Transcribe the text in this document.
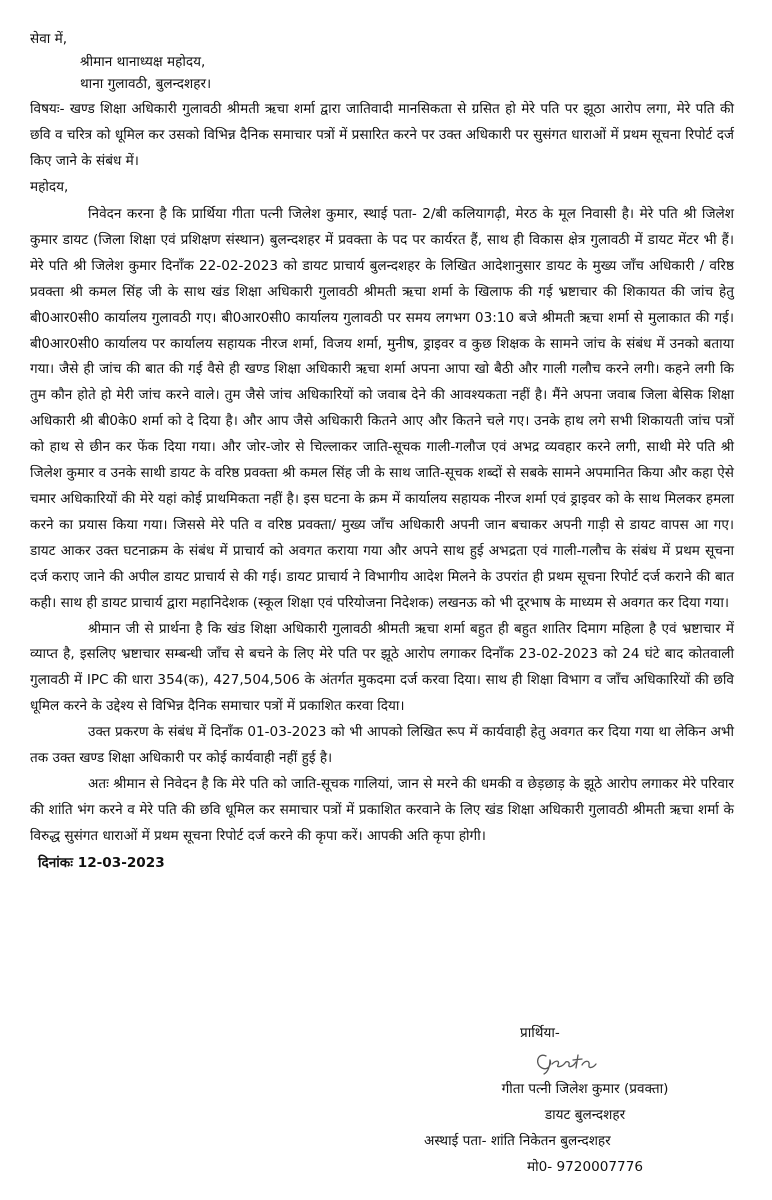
सेवा में,

श्रीमान थानाध्यक्ष महोदय,

थाना गुलावठी, बुलन्दशहर।

विषयः- खण्ड शिक्षा अधिकारी गुलावठी श्रीमती ऋचा शर्मा द्वारा जातिवादी मानसिकता से ग्रसित हो मेरे पति पर झूठा आरोप लगा, मेरे पति की छवि व चरित्र को धूमिल कर उसको विभिन्न दैनिक समाचार पत्रों में प्रसारित करने पर उक्त अधिकारी पर सुसंगत धाराओं में प्रथम सूचना रिपोर्ट दर्ज किए जाने के संबंध में।

महोदय,

निवेदन करना है कि प्रार्थिया गीता पत्नी जिलेश कुमार, स्थाई पता- 2/बी कलियागढ़ी, मेरठ के मूल निवासी है। मेरे पति श्री जिलेश कुमार डायट (जिला शिक्षा एवं प्रशिक्षण संस्थान) बुलन्दशहर में प्रवक्ता के पद पर कार्यरत हैं, साथ ही विकास क्षेत्र गुलावठी में डायट मेंटर भी हैं। मेरे पति श्री जिलेश कुमार दिनाँक 22-02-2023 को डायट प्राचार्य बुलन्दशहर के लिखित आदेशानुसार डायट के मुख्य जाँच अधिकारी / वरिष्ठ प्रवक्ता श्री कमल सिंह जी के साथ खंड शिक्षा अधिकारी गुलावठी श्रीमती ऋचा शर्मा के खिलाफ की गई भ्रष्टाचार की शिकायत की जांच हेतु बी0आर0सी0 कार्यालय गुलावठी गए। बी0आर0सी0 कार्यालय गुलावठी पर समय लगभग 03:10 बजे श्रीमती ऋचा शर्मा से मुलाकात की गई। बी0आर0सी0 कार्यालय पर कार्यालय सहायक नीरज शर्मा, विजय शर्मा, मुनीष, ड्राइवर व कुछ शिक्षक के सामने जांच के संबंध में उनको बताया गया। जैसे ही जांच की बात की गई वैसे ही खण्ड शिक्षा अधिकारी ऋचा शर्मा अपना आपा खो बैठी और गाली गलौच करने लगी। कहने लगी कि तुम कौन होते हो मेरी जांच करने वाले। तुम जैसे जांच अधिकारियों को जवाब देने की आवश्यकता नहीं है। मैंने अपना जवाब जिला बेसिक शिक्षा अधिकारी श्री बी0के0 शर्मा को दे दिया है। और आप जैसे अधिकारी कितने आए और कितने चले गए। उनके हाथ लगे सभी शिकायती जांच पत्रों को हाथ से छीन कर फेंक दिया गया। और जोर-जोर से चिल्लाकर जाति-सूचक गाली-गलौज एवं अभद्र व्यवहार करने लगी, साथी मेरे पति श्री जिलेश कुमार व उनके साथी डायट के वरिष्ठ प्रवक्ता श्री कमल सिंह जी के साथ जाति-सूचक शब्दों से सबके सामने अपमानित किया और कहा ऐसे चमार अधिकारियों की मेरे यहां कोई प्राथमिकता नहीं है। इस घटना के क्रम में कार्यालय सहायक नीरज शर्मा एवं ड्राइवर को के साथ मिलकर हमला करने का प्रयास किया गया। जिससे मेरे पति व वरिष्ठ प्रवक्ता/ मुख्य जाँच अधिकारी अपनी जान बचाकर अपनी गाड़ी से डायट वापस आ गए। डायट आकर उक्त घटनाक्रम के संबंध में प्राचार्य को अवगत कराया गया और अपने साथ हुई अभद्रता एवं गाली-गलौच के संबंध में प्रथम सूचना दर्ज कराए जाने की अपील डायट प्राचार्य से की गई। डायट प्राचार्य ने विभागीय आदेश मिलने के उपरांत ही प्रथम सूचना रिपोर्ट दर्ज कराने की बात कही। साथ ही डायट प्राचार्य द्वारा महानिदेशक (स्कूल शिक्षा एवं परियोजना निदेशक) लखनऊ को भी दूरभाष के माध्यम से अवगत कर दिया गया।

श्रीमान जी से प्रार्थना है कि खंड शिक्षा अधिकारी गुलावठी श्रीमती ऋचा शर्मा बहुत ही बहुत शातिर दिमाग महिला है एवं भ्रष्टाचार में व्याप्त है, इसलिए भ्रष्टाचार सम्बन्धी जाँच से बचने के लिए मेरे पति पर झूठे आरोप लगाकर दिनाँक 23-02-2023 को 24 घंटे बाद कोतवाली गुलावठी में IPC की धारा 354(क), 427,504,506 के अंतर्गत मुकदमा दर्ज करवा दिया। साथ ही शिक्षा विभाग व जाँच अधिकारियों की छवि धूमिल करने के उद्देश्य से विभिन्न दैनिक समाचार पत्रों में प्रकाशित करवा दिया।

उक्त प्रकरण के संबंध में दिनाँक 01-03-2023 को भी आपको लिखित रूप में कार्यवाही हेतु अवगत कर दिया गया था लेकिन अभी तक उक्त खण्ड शिक्षा अधिकारी पर कोई कार्यवाही नहीं हुई है।

अतः श्रीमान से निवेदन है कि मेरे पति को जाति-सूचक गालियां, जान से मरने की धमकी व छेड़छाड़ के झूठे आरोप लगाकर मेरे परिवार की शांति भंग करने व मेरे पति की छवि धूमिल कर समाचार पत्रों में प्रकाशित करवाने के लिए खंड शिक्षा अधिकारी गुलावठी श्रीमती ऋचा शर्मा के विरुद्ध सुसंगत धाराओं में प्रथम सूचना रिपोर्ट दर्ज करने की कृपा करें। आपकी अति कृपा होगी।

दिनांकः 12-03-2023
प्रार्थिया-
गीता पत्नी जिलेश कुमार (प्रवक्ता)
डायट बुलन्दशहर
अस्थाई पता- शांति निकेतन बुलन्दशहर
मो0- 9720007776
